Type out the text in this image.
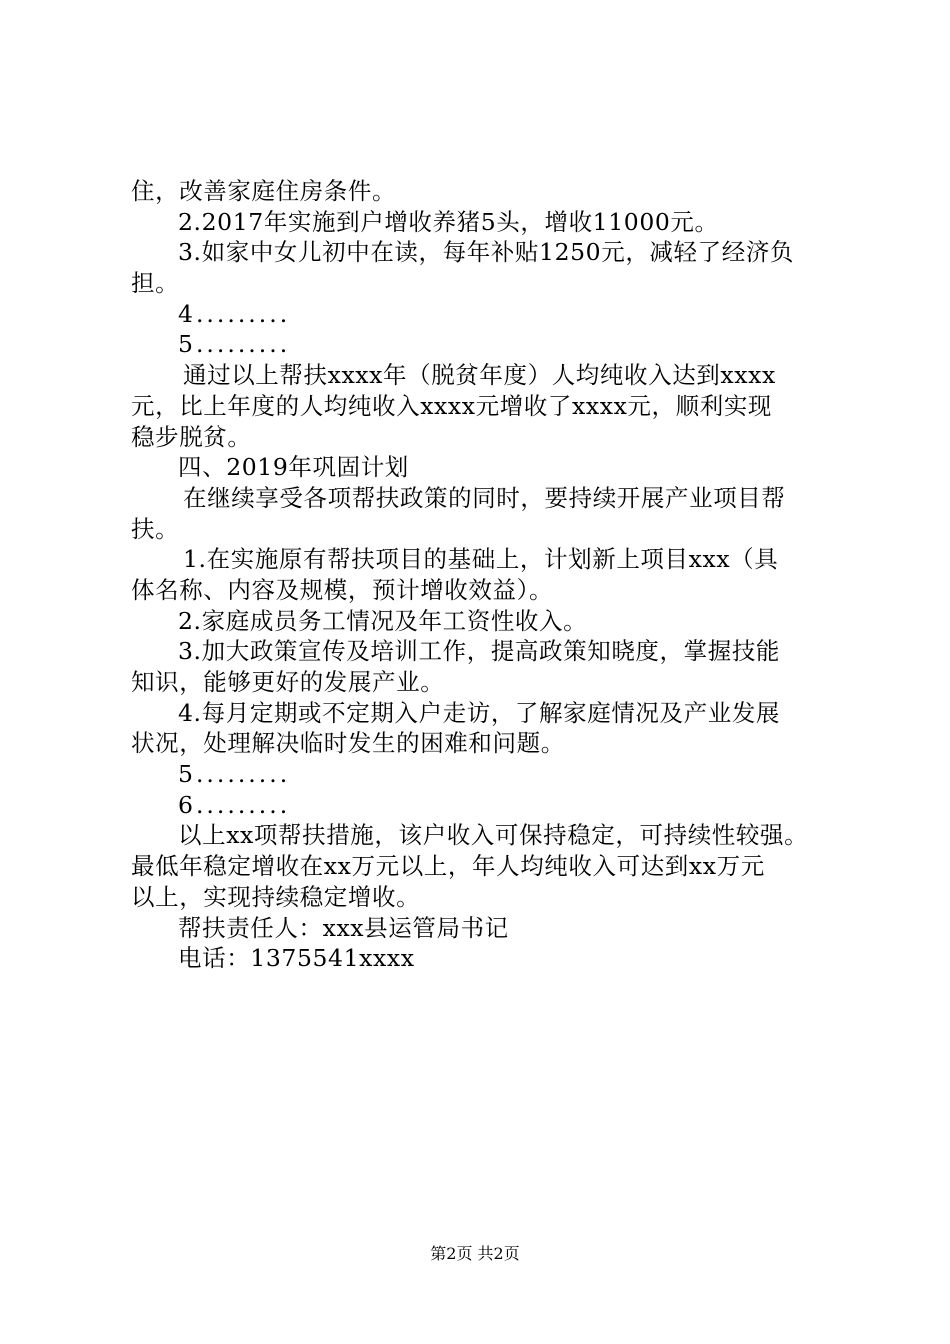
住，改善家庭住房条件。
2.2017年实施到户增收养猪5头，增收11000元。
3.如家中女儿初中在读，每年补贴1250元，减轻了经济负
担。
4.........
5.........
通过以上帮扶xxxx年（脱贫年度）人均纯收入达到xxxx
元，比上年度的人均纯收入xxxx元增收了xxxx元，顺利实现
稳步脱贫。
四、2019年巩固计划
在继续享受各项帮扶政策的同时，要持续开展产业项目帮
扶。
1.在实施原有帮扶项目的基础上，计划新上项目xxx（具
体名称、内容及规模，预计增收效益）。
2.家庭成员务工情况及年工资性收入。
3.加大政策宣传及培训工作，提高政策知晓度，掌握技能
知识，能够更好的发展产业。
4.每月定期或不定期入户走访，了解家庭情况及产业发展
状况，处理解决临时发生的困难和问题。
5.........
6.........
以上xx项帮扶措施，该户收入可保持稳定，可持续性较强。
最低年稳定增收在xx万元以上，年人均纯收入可达到xx万元
以上，实现持续稳定增收。
帮扶责任人：xxx县运管局书记
电话：1375541xxxx
第2页 共2页
